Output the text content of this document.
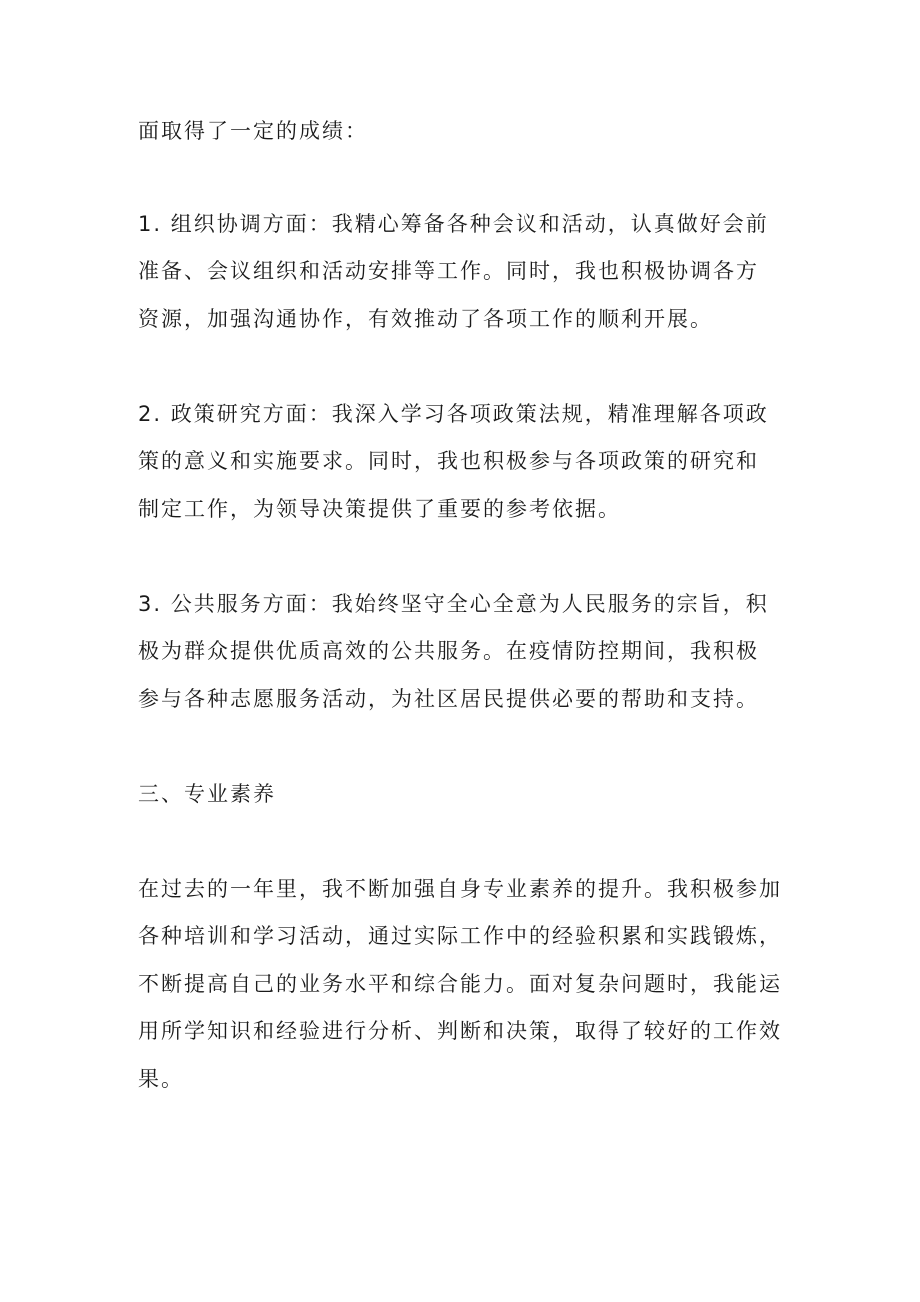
面取得了一定的成绩：

1. 组织协调方面：我精心筹备各种会议和活动，认真做好会前

准备、会议组织和活动安排等工作。同时，我也积极协调各方

资源，加强沟通协作，有效推动了各项工作的顺利开展。

2. 政策研究方面：我深入学习各项政策法规，精准理解各项政

策的意义和实施要求。同时，我也积极参与各项政策的研究和

制定工作，为领导决策提供了重要的参考依据。

3. 公共服务方面：我始终坚守全心全意为人民服务的宗旨，积

极为群众提供优质高效的公共服务。在疫情防控期间，我积极

参与各种志愿服务活动，为社区居民提供必要的帮助和支持。

三、专业素养

在过去的一年里，我不断加强自身专业素养的提升。我积极参加

各种培训和学习活动，通过实际工作中的经验积累和实践锻炼，

不断提高自己的业务水平和综合能力。面对复杂问题时，我能运

用所学知识和经验进行分析、判断和决策，取得了较好的工作效

果。
